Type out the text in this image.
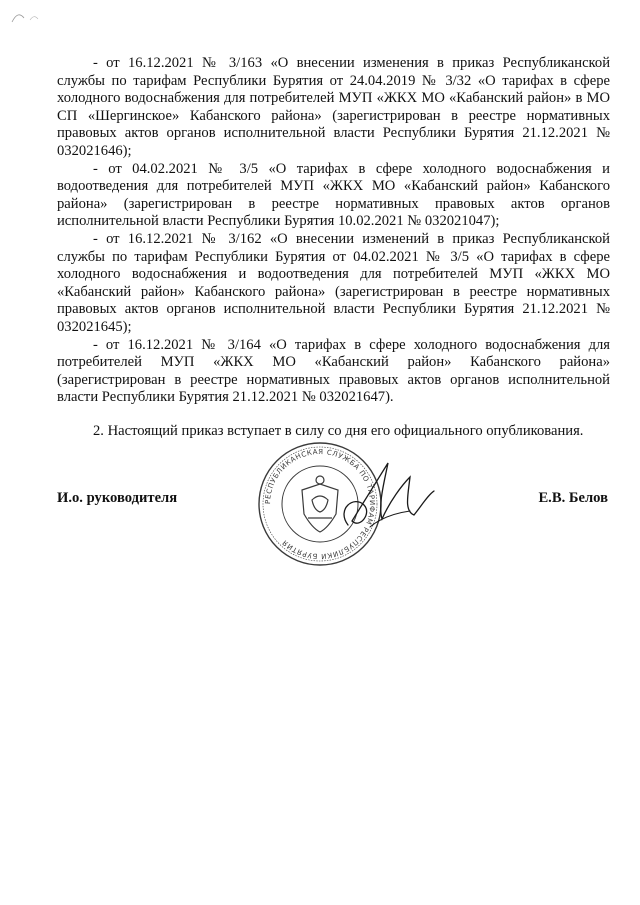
- от 16.12.2021 № 3/163 «О внесении изменения в приказ Республиканской службы по тарифам Республики Бурятия от 24.04.2019 № 3/32 «О тарифах в сфере холодного водоснабжения для потребителей МУП «ЖКХ МО «Кабанский район» в МО СП «Шергинское» Кабанского района» (зарегистрирован в реестре нормативных правовых актов органов исполнительной власти Республики Бурятия 21.12.2021 № 032021646);

- от 04.02.2021 № 3/5 «О тарифах в сфере холодного водоснабжения и водоотведения для потребителей МУП «ЖКХ МО «Кабанский район» Кабанского района» (зарегистрирован в реестре нормативных правовых актов органов исполнительной власти Республики Бурятия 10.02.2021 № 032021047);

- от 16.12.2021 № 3/162 «О внесении изменений в приказ Республиканской службы по тарифам Республики Бурятия от 04.02.2021 № 3/5 «О тарифах в сфере холодного водоснабжения и водоотведения для потребителей МУП «ЖКХ МО «Кабанский район» Кабанского района» (зарегистрирован в реестре нормативных правовых актов органов исполнительной власти Республики Бурятия 21.12.2021 № 032021645);

- от 16.12.2021 № 3/164 «О тарифах в сфере холодного водоснабжения для потребителей МУП «ЖКХ МО «Кабанский район» Кабанского района» (зарегистрирован в реестре нормативных правовых актов органов исполнительной власти Республики Бурятия 21.12.2021 № 032021647).

2. Настоящий приказ вступает в силу со дня его официального опубликования.

РЕСПУБЛИКАНСКАЯ СЛУЖБА ПО ТАРИФАМ РЕСПУБЛИКИ БУРЯТИЯ
И.о. руководителя	Е.В. Белов
